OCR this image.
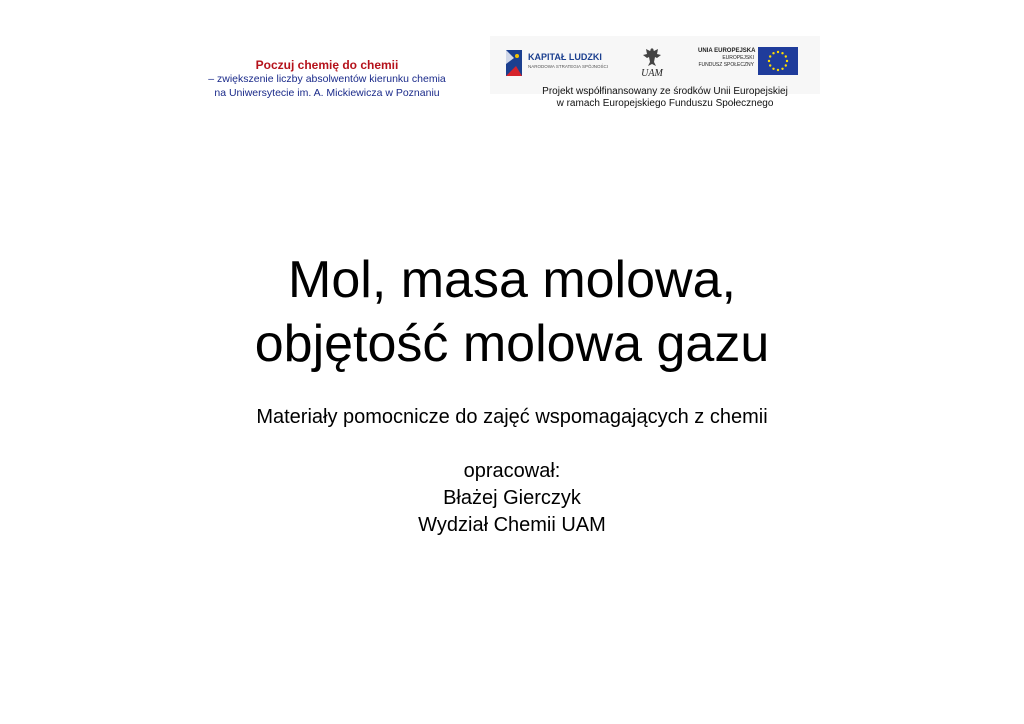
Poczuj chemię do chemii
– zwiększenie liczby absolwentów kierunku chemia
na Uniwersytecie im. A. Mickiewicza w Poznaniu
KAPITAŁ LUDZKI
NARODOWA STRATEGIA SPÓJNOŚCI
UAM
UNIA EUROPEJSKA
EUROPEJSKI
FUNDUSZ SPOŁECZNY
Projekt współfinansowany ze środków Unii Europejskiej
w ramach Europejskiego Funduszu Społecznego
Mol, masa molowa,
objętość molowa gazu
Materiały pomocnicze do zajęć wspomagających z chemii
opracował:
Błażej Gierczyk
Wydział Chemii UAM
